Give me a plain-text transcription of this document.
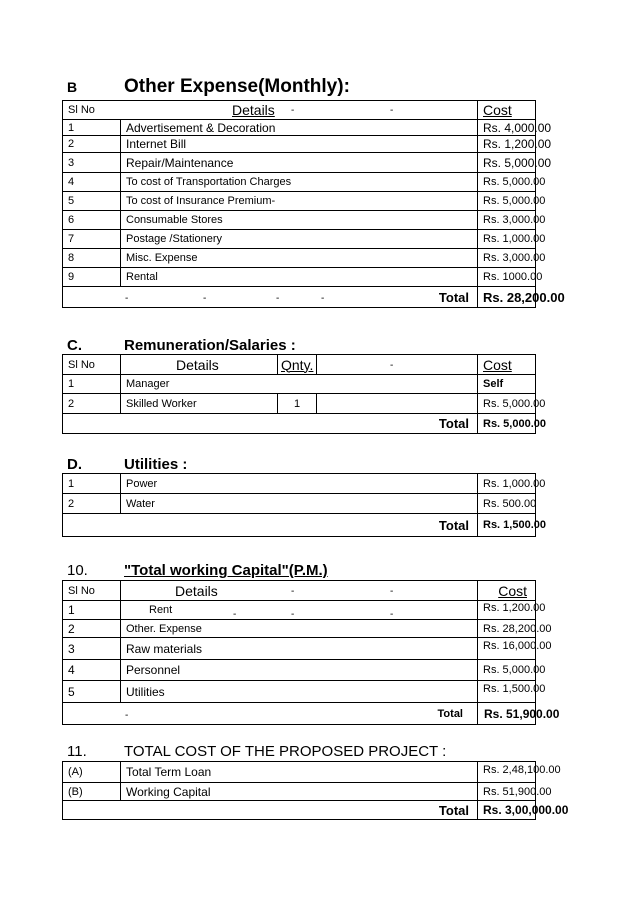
B Other Expense(Monthly):
Sl No	Details	Cost
-	-
1	Advertisement & Decoration	Rs. 4,000.00
2	Internet Bill	Rs. 1,200.00
3	Repair/Maintenance	Rs. 5,000.00
4	To cost of Transportation Charges	Rs. 5,000.00
5	To cost of Insurance Premium-	Rs. 5,000.00
6	Consumable Stores	Rs. 3,000.00
7	Postage /Stationery	Rs. 1,000.00
8	Misc. Expense	Rs. 3,000.00
9	Rental	Rs. 1000.00
Total	Rs. 28,200.00
-	-	-	-
C.	Remuneration/Salaries :
Sl No	Details	Qnty.	Cost
-
1	Manager	Self
2	Skilled Worker	1	Rs. 5,000.00
Total	Rs. 5,000.00
D.	Utilities :
1	Power	Rs. 1,000.00
2	Water	Rs. 500.00
Total	Rs. 1,500.00
10. "Total working Capital"(P.M.)
Sl No	Details	Cost
-	-
1	Rent	Rs. 1,200.00
-	-	-
2	Other. Expense	Rs. 28,200.00
3	Raw materials	Rs. 16,000.00
4	Personnel	Rs. 5,000.00
5	Utilities	Rs. 1,500.00
Total	Rs. 51,900.00
-
11. TOTAL COST OF THE PROPOSED PROJECT :
(A)	Total Term Loan	Rs. 2,48,100.00
(B)	Working Capital	Rs. 51,900.00
Total	Rs. 3,00,000.00
